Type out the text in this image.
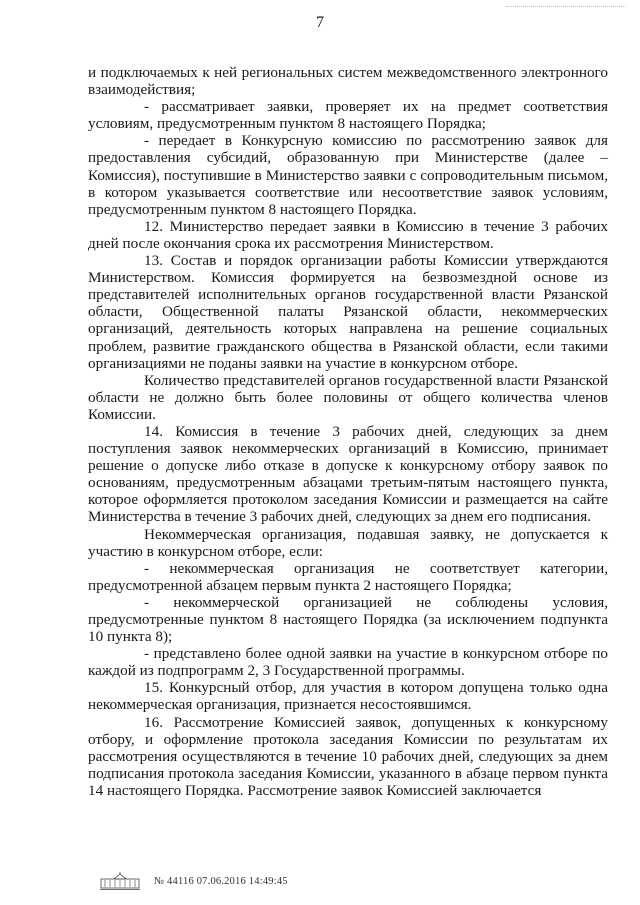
7

и подключаемых к ней региональных систем межведомственного электронного взаимодействия;

- рассматривает заявки, проверяет их на предмет соответствия условиям, предусмотренным пунктом 8 настоящего Порядка;

- передает в Конкурсную комиссию по рассмотрению заявок для предоставления субсидий, образованную при Министерстве (далее – Комиссия), поступившие в Министерство заявки с сопроводительным письмом, в котором указывается соответствие или несоответствие заявок условиям, предусмотренным пунктом 8 настоящего Порядка.

12. Министерство передает заявки в Комиссию в течение 3 рабочих дней после окончания срока их рассмотрения Министерством.

13. Состав и порядок организации работы Комиссии утверждаются Министерством. Комиссия формируется на безвозмездной основе из представителей исполнительных органов государственной власти Рязанской области, Общественной палаты Рязанской области, некоммерческих организаций, деятельность которых направлена на решение социальных проблем, развитие гражданского общества в Рязанской области, если такими организациями не поданы заявки на участие в конкурсном отборе.

Количество представителей органов государственной власти Рязанской области не должно быть более половины от общего количества членов Комиссии.

14. Комиссия в течение 3 рабочих дней, следующих за днем поступления заявок некоммерческих организаций в Комиссию, принимает решение о допуске либо отказе в допуске к конкурсному отбору заявок по основаниям, предусмотренным абзацами третьим-пятым настоящего пункта, которое оформляется протоколом заседания Комиссии и размещается на сайте Министерства в течение 3 рабочих дней, следующих за днем его подписания.

Некоммерческая организация, подавшая заявку, не допускается к участию в конкурсном отборе, если:

- некоммерческая организация не соответствует категории, предусмотренной абзацем первым пункта 2 настоящего Порядка;

- некоммерческой организацией не соблюдены условия, предусмотренные пунктом 8 настоящего Порядка (за исключением подпункта 10 пункта 8);

- представлено более одной заявки на участие в конкурсном отборе по каждой из подпрограмм 2, 3 Государственной программы.

15. Конкурсный отбор, для участия в котором допущена только одна некоммерческая организация, признается несостоявшимся.

16. Рассмотрение Комиссией заявок, допущенных к конкурсному отбору, и оформление протокола заседания Комиссии по результатам их рассмотрения осуществляются в течение 10 рабочих дней, следующих за днем подписания протокола заседания Комиссии, указанного в абзаце первом пункта 14 настоящего Порядка. Рассмотрение заявок Комиссией заключается

№ 44116 07.06.2016 14:49:45
